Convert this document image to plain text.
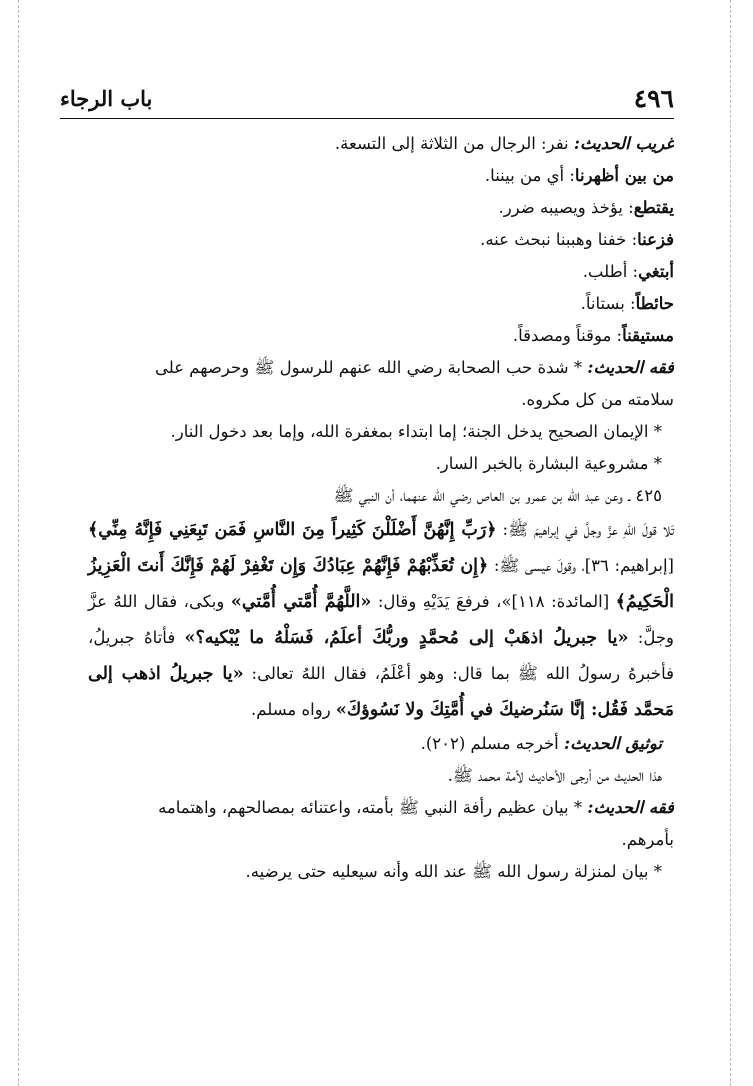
٤٩٦
باب الرجاء
غريب الحديث: نفر: الرجال من الثلاثة إلى التسعة.
من بين أظهرنا: أي من بيننا.
يقتطع: يؤخذ ويصيبه ضرر.
فزعنا: خفنا وهببنا نبحث عنه.
أبتغي: أطلب.
حائطاً: بستاناً.
مستيقناً: موقناً ومصدقاً.
فقه الحديث: * شدة حب الصحابة رضي الله عنهم للرسول ﷺ وحرصهم على
سلامته من كل مكروه.
* الإيمان الصحيح يدخل الجنة؛ إما ابتداء بمغفرة الله، وإما بعد دخول النار.
* مشروعية البشارة بالخبر السار.
٤٢٥ ـ وعن عبد الله بن عمرو بن العاص رضي الله عنهما، أن النبي ﷺ
تَلا قولَ اللهِ عزَّ وجلَّ في إبراهيمَ ﷺ: ﴿رَبِّ إِنَّهُنَّ أَضْلَلْنَ كَثِيراً مِنَ النَّاسِ فَمَن تَبِعَنِي فَإِنَّهُ مِنِّي﴾ [إبراهيم: ٣٦]، وقولَ عيسى ﷺ: ﴿إِن تُعَذِّبْهُمْ فَإِنَّهُمْ عِبَادُكَ وَإِن تَغْفِرْ لَهُمْ فَإِنَّكَ أَنتَ الْعَزِيزُ الْحَكِيمُ﴾ [المائدة: ١١٨]»، فرفعَ يَدَيْهِ وقال: «اللَّهُمَّ أُمَّتي أُمَّتي» وبكى، فقال اللهُ عزَّ وجلَّ: «يا جبريلُ اذهَبْ إلى مُحمَّدٍ وربُّكَ أعلَمُ، فَسَلْهُ ما يُبْكيه؟» فأتاهُ جبريلُ، فأخبرهُ رسولُ الله ﷺ بما قال: وهو أعْلَمُ، فقال اللهُ تعالى: «يا جبريلُ اذهب إلى مَحمَّد فَقُل: إنَّا سَنُرضيكَ في أُمَّتِكَ ولا نَسُوؤكَ» رواه مسلم.
توثيق الحديث: أخرجه مسلم (٢٠٢).
هذا الحديث من أرجى الأحاديث لأمة محمد ﷺ.
فقه الحديث: * بيان عظيم رأفة النبي ﷺ بأمته، واعتنائه بمصالحهم، واهتمامه
بأمرهم.
* بيان لمنزلة رسول الله ﷺ عند الله وأنه سيعليه حتى يرضيه.
